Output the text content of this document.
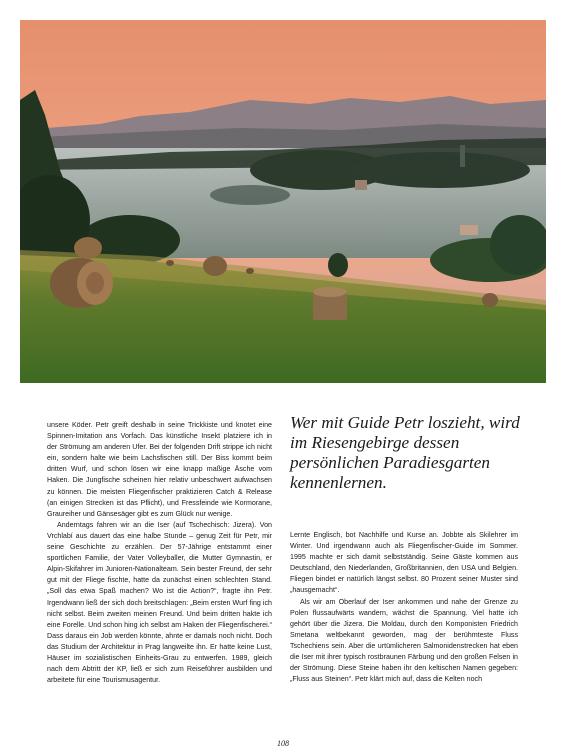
unsere Köder. Petr greift deshalb in seine Trickkiste und knotet eine Spinnen-Imitation ans Vorfach. Das künstliche Insekt platziere ich in der Strömung am anderen Ufer. Bei der folgenden Drift strippe ich nicht ein, sondern halte wie beim Lachsfischen still. Der Biss kommt beim dritten Wurf, und schon lösen wir eine knapp maßige Äsche vom Haken. Die Jungfische scheinen hier relativ unbeschwert aufwachsen zu können. Die meisten Fliegenfischer praktizieren Catch & Release (an einigen Strecken ist das Pflicht), und Fressfeinde wie Kormorane, Graureiher und Gänsesäger gibt es zum Glück nur wenige.

Anderntags fahren wir an die Iser (auf Tschechisch: Jizera). Von Vrchlabí aus dauert das eine halbe Stunde – genug Zeit für Petr, mir seine Geschichte zu erzählen. Der 57-Jährige entstammt einer sportlichen Familie, der Vater Volleyballer, die Mutter Gymnastin, er Alpin-Skifahrer im Junioren-Nationalteam. Sein bester Freund, der sehr gut mit der Fliege fischte, hatte da zunächst einen schlechten Stand. „Soll das etwa Spaß machen? Wo ist die Action?“, fragte ihn Petr. Irgendwann ließ der sich doch breitschlagen: „Beim ersten Wurf fing ich nicht selbst. Beim zweiten meinen Freund. Und beim dritten hakte ich eine Forelle. Und schon hing ich selbst am Haken der Fliegenfischerei.“ Dass daraus ein Job werden könnte, ahnte er damals noch nicht. Doch das Studium der Architektur in Prag langweilte ihn. Er hatte keine Lust, Häuser im sozialistischen Einheits-Grau zu entwerfen. 1989, gleich nach dem Abtritt der KP, ließ er sich zum Reiseführer ausbilden und arbeitete für eine Tourismusagentur.

Wer mit Guide Petr loszieht, wird im Riesengebirge dessen persönlichen Paradiesgarten kennenlernen.

Lernte Englisch, bot Nachhilfe und Kurse an. Jobbte als Skilehrer im Winter. Und irgendwann auch als Fliegenfischer-Guide im Sommer. 1995 machte er sich damit selbstständig. Seine Gäste kommen aus Deutschland, den Niederlanden, Großbritannien, den USA und Belgien. Fliegen bindet er natürlich längst selbst. 80 Prozent seiner Muster sind „hausgemacht“.

Als wir am Oberlauf der Iser ankommen und nahe der Grenze zu Polen flussaufwärts wandern, wächst die Spannung. Viel hatte ich gehört über die Jizera. Die Moldau, durch den Komponisten Friedrich Smetana weltbekannt geworden, mag der berühmteste Fluss Tschechiens sein. Aber die urtümlicheren Salmonidenstrecken hat eben die Iser mit ihrer typisch rostbraunen Färbung und den großen Felsen in der Strömung. Diese Steine haben ihr den keltischen Namen gegeben: „Fluss aus Steinen“. Petr klärt mich auf, dass die Kelten noch

108
